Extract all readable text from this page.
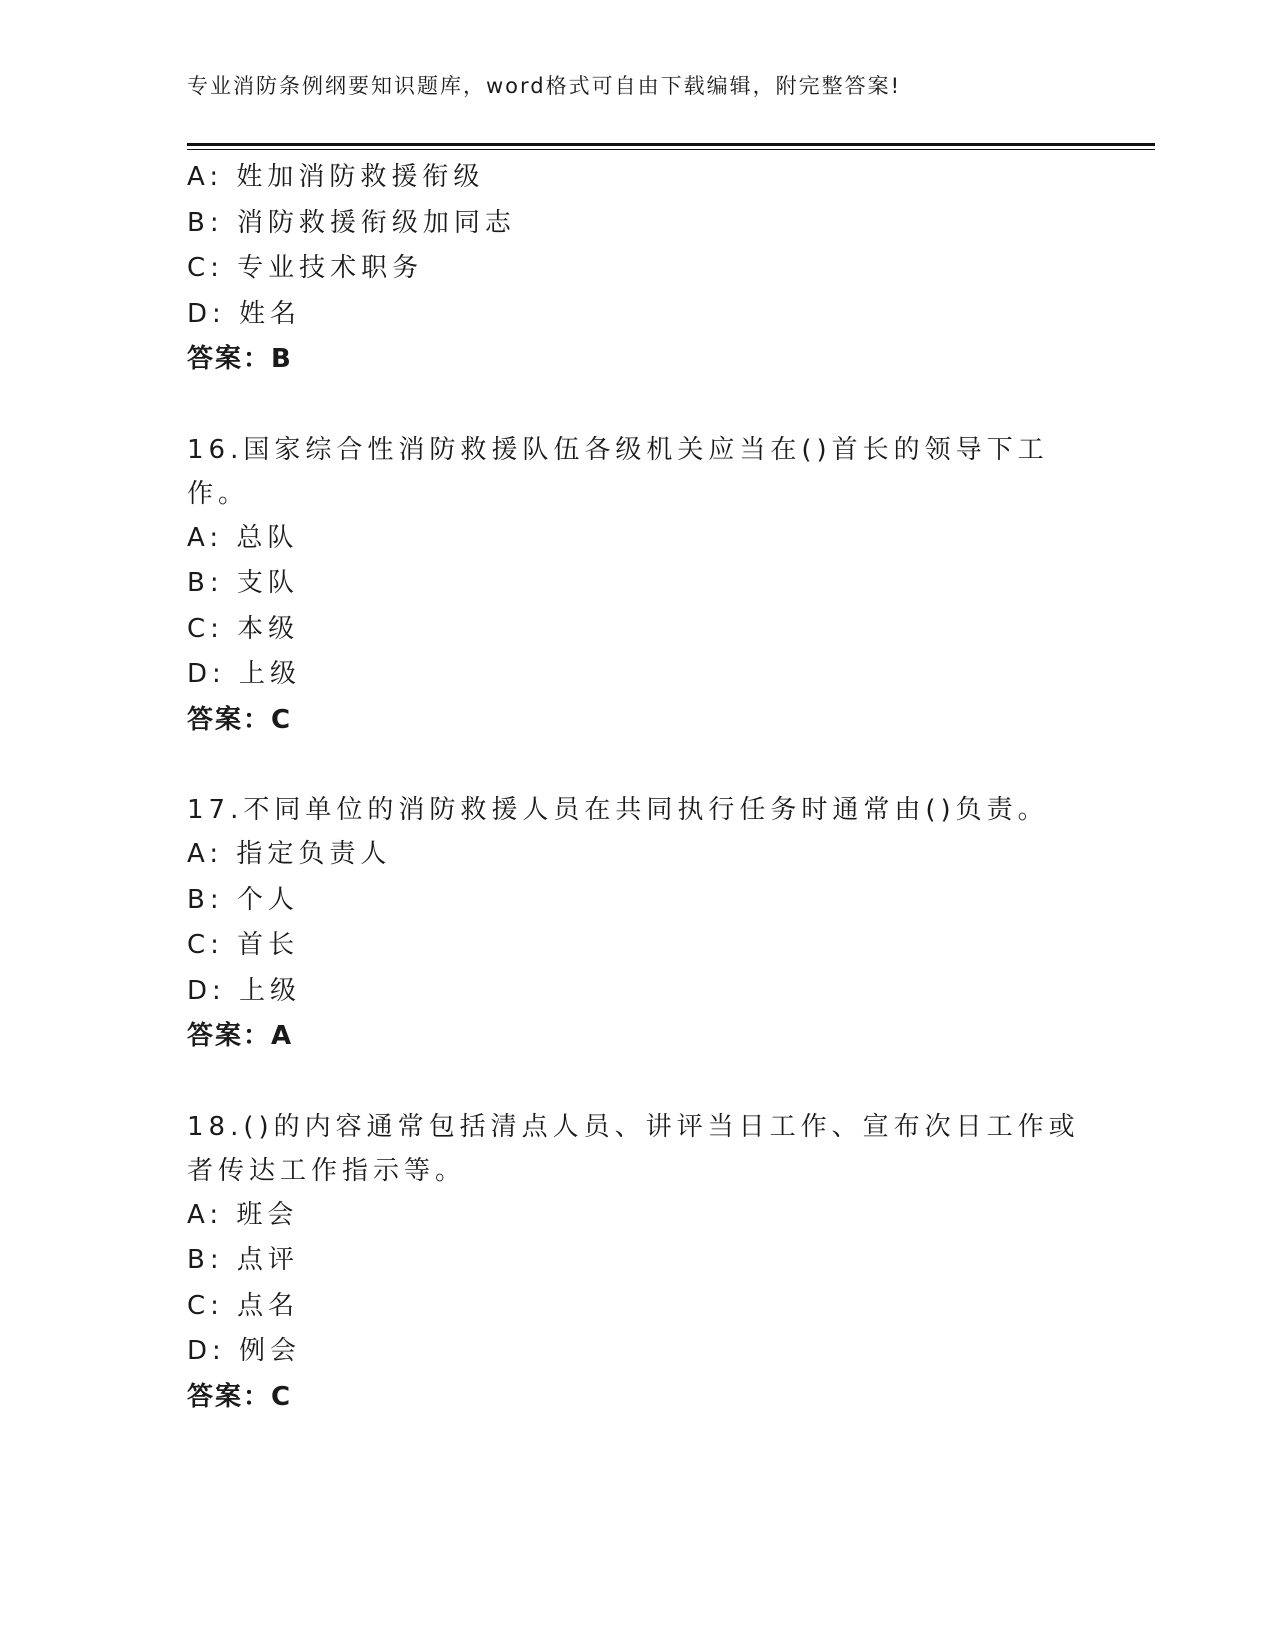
专业消防条例纲要知识题库，word格式可自由下载编辑，附完整答案!
A: 姓加消防救援衔级
B: 消防救援衔级加同志
C: 专业技术职务
D: 姓名
答案：B
16.国家综合性消防救援队伍各级机关应当在()首长的领导下工作。
A: 总队
B: 支队
C: 本级
D: 上级
答案：C
17.不同单位的消防救援人员在共同执行任务时通常由()负责。
A: 指定负责人
B: 个人
C: 首长
D: 上级
答案：A
18.()的内容通常包括清点人员、讲评当日工作、宣布次日工作或者传达工作指示等。
A: 班会
B: 点评
C: 点名
D: 例会
答案：C
